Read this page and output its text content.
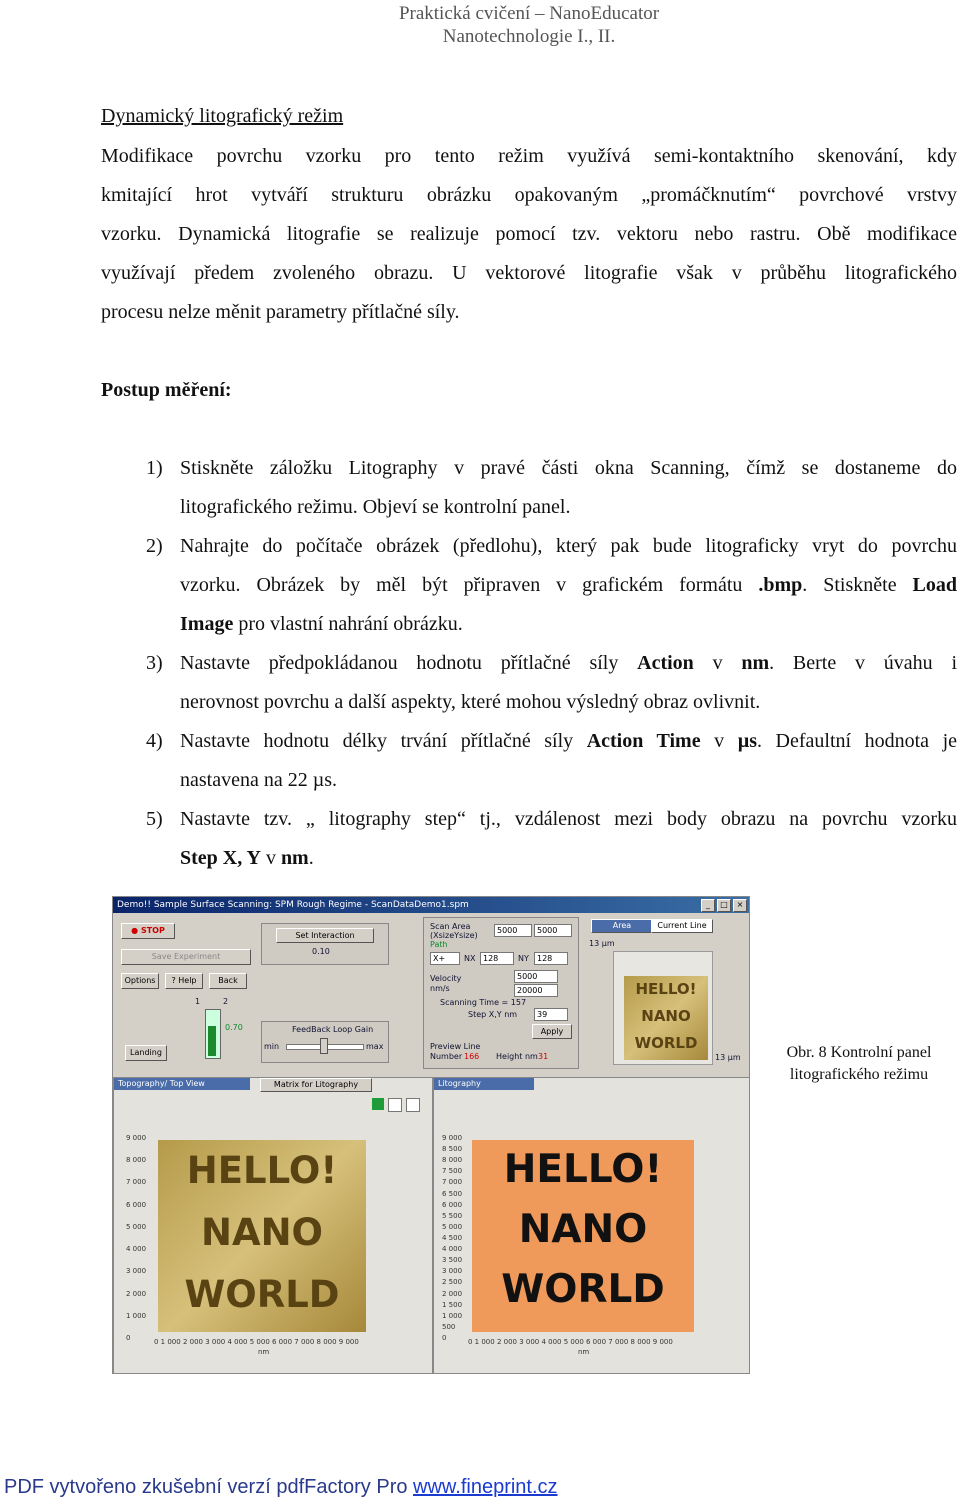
Praktická cvičení – NanoEducator
Nanotechnologie I., II.
Dynamický litografický režim
Modifikace povrchu vzorku pro tento režim využívá semi-kontaktního skenování, kdy
kmitající hrot vytváří strukturu obrázku opakovaným „promáčknutím“ povrchové vrstvy
vzorku. Dynamická litografie se realizuje pomocí tzv. vektoru nebo rastru. Obě modifikace
využívají předem zvoleného obrazu. U vektorové litografie však v průběhu litografického
procesu nelze měnit parametry přítlačné síly.
Postup měření:
1) Stiskněte záložku Litography v pravé části okna Scanning, čímž se dostaneme do
litografického režimu. Objeví se kontrolní panel.
2) Nahrajte do počítače obrázek (předlohu), který pak bude litograficky vryt do povrchu
vzorku. Obrázek by měl být připraven v grafickém formátu .bmp. Stiskněte Load
Image pro vlastní nahrání obrázku.
3) Nastavte předpokládanou hodnotu přítlačné síly Action v nm. Berte v úvahu i
nerovnost povrchu a další aspekty, které mohou výsledný obraz ovlivnit.
4) Nastavte hodnotu délky trvání přítlačné síly Action Time v µs. Defaultní hodnota je
nastavena na 22 µs.
5) Nastavte tzv. „ litography step“ tj., vzdálenost mezi body obrazu na povrchu vzorku
Step X, Y v nm.
Demo!! Sample Surface Scanning: SPM Rough Regime - ScanDataDemo1.spm	_	□	×
● STOP
Save Experiment
Options	? Help	Back
1	2
0.70
Landing
Set Interaction
0.10
FeedBack Loop Gain
min	max
Scan Area
(XsizeYsize)
Path
5000	5000
X+	NX 128	NY	128
Velocity
nm/s
5000
20000
Scanning Time = 157
Step X,Y nm	39
Apply
Preview Line
Number 166 Height nm 31
Area	Current Line
13 µm
HELLO!
NANO
WORLD
13 µm
Topography/ Top View	Matrix for Litography
9 000
8 000
7 000
6 000
5 000
4 000
3 000
2 000
1 000
0
HELLO!
NANO
WORLD
0 1 000 2 000 3 000 4 000 5 000 6 000 7 000 8 000 9 000
nm
Litography
9 000
8 500
8 000
7 500
7 000
6 500
6 000
5 500
5 000
4 500
4 000
3 500
3 000
2 500
2 000
1 500
1 000
500
0
HELLO!
NANO
WORLD
0 1 000 2 000 3 000 4 000 5 000 6 000 7 000 8 000 9 000
nm
Obr. 8 Kontrolní panel
litografického režimu
PDF vytvořeno zkušební verzí pdfFactory Pro www.fineprint.cz
